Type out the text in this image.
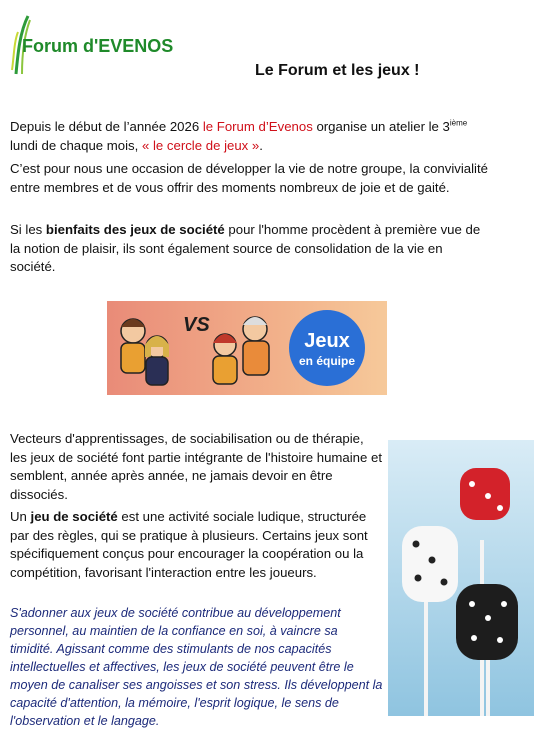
Forum d'EVENOS
Le Forum et les jeux !
Depuis le début de l’année 2026 le Forum d’Evenos organise un atelier le 3ième lundi de chaque mois, « le cercle de jeux ».
C’est pour nous une occasion de développer la vie de notre groupe, la convivialité entre membres et de vous offrir des moments nombreux de joie et de gaité.
Si les bienfaits des jeux de société pour l'homme procèdent à première vue de la notion de plaisir, ils sont également source de consolidation de la vie en société.
VS
Jeux
en équipe
Vecteurs d'apprentissages, de sociabilisation ou de thérapie, les jeux de société font partie intégrante de l'histoire humaine et semblent, année après année, ne jamais devoir en être dissociés.
Un jeu de société est une activité sociale ludique, structurée par des règles, qui se pratique à plusieurs. Certains jeux sont spécifiquement conçus pour encourager la coopération ou la compétition, favorisant l'interaction entre les joueurs.
S'adonner aux jeux de société contribue au développement personnel, au maintien de la confiance en soi, à vaincre sa timidité. Agissant comme des stimulants de nos capacités intellectuelles et affectives, les jeux de société peuvent être le moyen de canaliser ses angoisses et son stress. Ils développent la capacité d'attention, la mémoire, l'esprit logique, le sens de l'observation et le langage.
